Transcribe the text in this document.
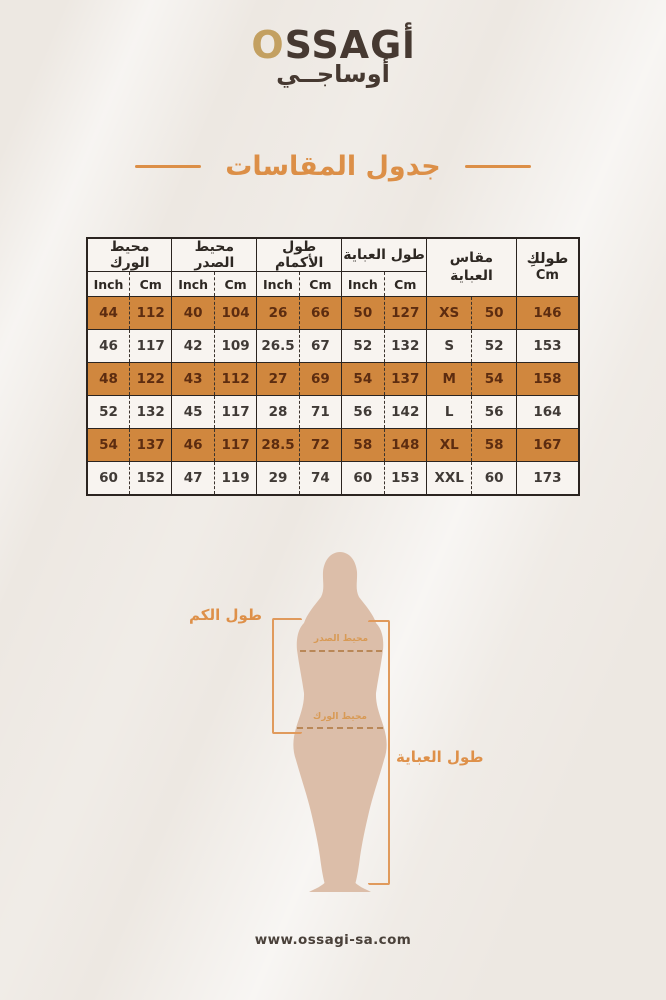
OSSAGأ
أوساجــي
جدول المقاسات
طولكِ
Cm

مقاس
العباية
	طول العباية	طول الأكمام	محيط الصدر	محيط الورك
			Cm	Inch	Cm	Inch	Cm	Inch	Cm	Inch
146	50	XS	127	50	66	26	104	40	112	44
153	52	S	132	52	67	26.5	109	42	117	46
158	54	M	137	54	69	27	112	43	122	48
164	56	L	142	56	71	28	117	45	132	52
167	58	XL	148	58	72	28.5	117	46	137	54
173	60	XXL	153	60	74	29	119	47	152	60
طول الكم
طول العباية
محيط الصدر
محيط الورك
www.ossagi-sa.com
